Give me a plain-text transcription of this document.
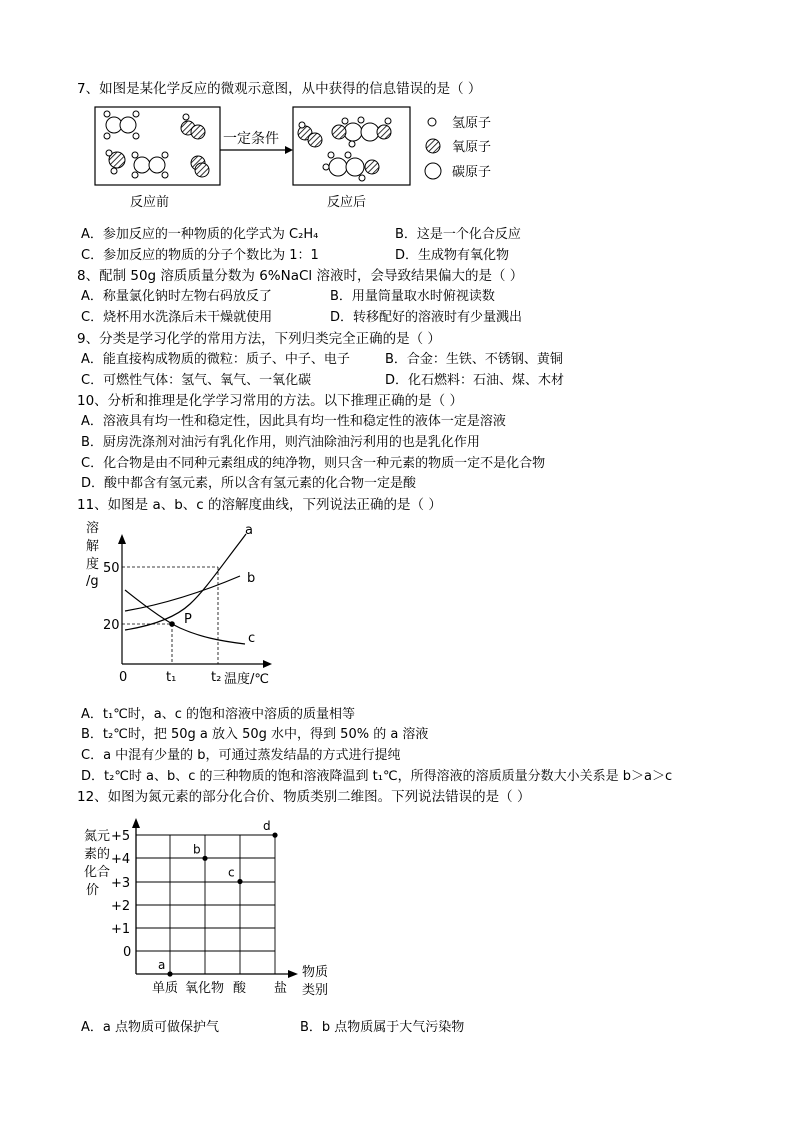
7、如图是某化学反应的微观示意图，从中获得的信息错误的是（ ）
一定条件
氢原子
氧原子
碳原子
反应前	反应后
A．参加反应的一种物质的化学式为 C₂H₄	B．这是一个化合反应
C．参加反应的物质的分子个数比为 1：1	D．生成物有氧化物
8、配制 50g 溶质质量分数为 6%NaCl 溶液时，会导致结果偏大的是（ ）
A．称量氯化钠时左物右码放反了	B．用量筒量取水时俯视读数
C．烧杯用水洗涤后未干燥就使用	D．转移配好的溶液时有少量溅出
9、分类是学习化学的常用方法，下列归类完全正确的是（ ）
A．能直接构成物质的微粒：质子、中子、电子	B．合金：生铁、不锈钢、黄铜
C．可燃性气体：氢气、氧气、一氧化碳	D．化石燃料：石油、煤、木材
10、分析和推理是化学学习常用的方法。以下推理正确的是（ ）
A．溶液具有均一性和稳定性，因此具有均一性和稳定性的液体一定是溶液
B．厨房洗涤剂对油污有乳化作用，则汽油除油污利用的也是乳化作用
C．化合物是由不同种元素组成的纯净物，则只含一种元素的物质一定不是化合物
D．酸中都含有氢元素，所以含有氢元素的化合物一定是酸
11、如图是 a、b、c 的溶解度曲线，下列说法正确的是（ ）
溶
解
度
/g
50
20
0	t₁	t₂ 温度/℃
P
a
b
c
A．t₁℃时，a、c 的饱和溶液中溶质的质量相等
B．t₂℃时，把 50g a 放入 50g 水中，得到 50% 的 a 溶液
C．a 中混有少量的 b，可通过蒸发结晶的方式进行提纯
D．t₂℃时 a、b、c 的三种物质的饱和溶液降温到 t₁℃，所得溶液的溶质质量分数大小关系是 b＞a＞c
12、如图为氮元素的部分化合价、物质类别二维图。下列说法错误的是（ ）
氮元
素的
化合
价
+5
+4
+3
+2
+1
0
单质 氧化物 酸 盐
物质
类别
a
b
c
d
A．a 点物质可做保护气	B．b 点物质属于大气污染物
